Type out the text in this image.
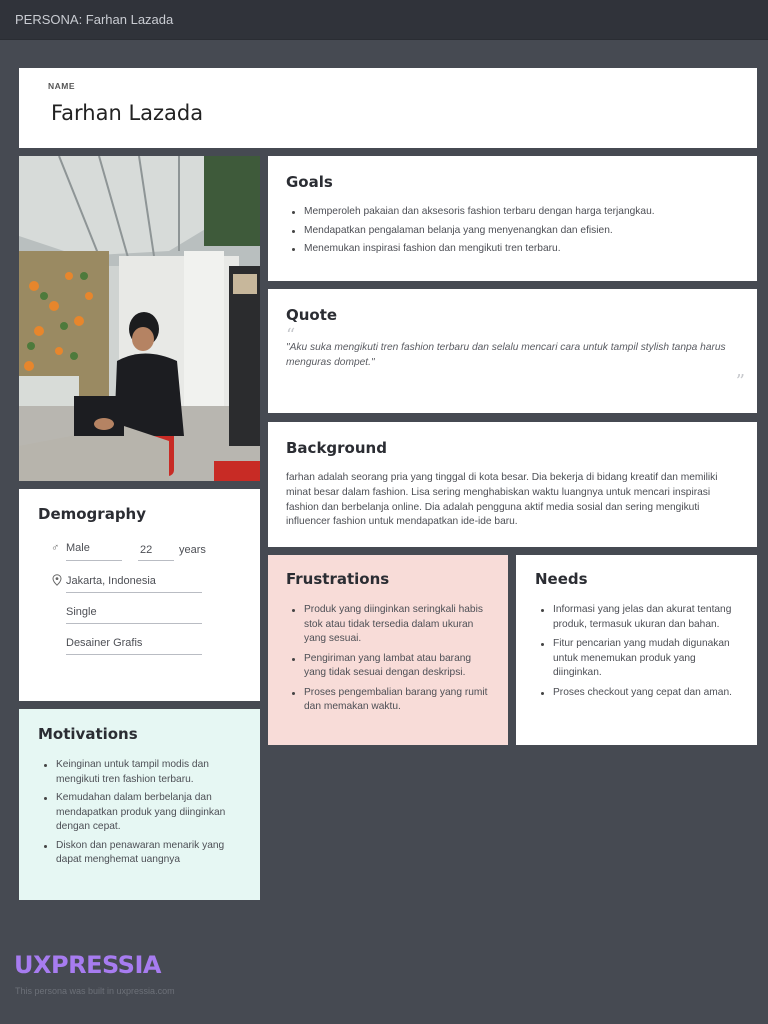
PERSONA: Farhan Lazada
NAME
Farhan Lazada
Goals
Memperoleh pakaian dan aksesoris fashion terbaru dengan harga terjangkau.
Mendapatkan pengalaman belanja yang menyenangkan dan efisien.
Menemukan inspirasi fashion dan mengikuti tren terbaru.
Quote
“

"Aku suka mengikuti tren fashion terbaru dan selalu mencari cara untuk tampil stylish tanpa harus menguras dompet."

”
Background

farhan adalah seorang pria yang tinggal di kota besar. Dia bekerja di bidang kreatif dan memiliki minat besar dalam fashion. Lisa sering menghabiskan waktu luangnya untuk mencari inspirasi fashion dan berbelanja online. Dia adalah pengguna aktif media sosial dan sering mengikuti influencer fashion untuk mendapatkan ide-ide baru.

Demography
♂ Male	22 years
Jakarta, Indonesia
Single
Desainer Grafis
Frustrations
Produk yang diinginkan seringkali habis stok atau tidak tersedia dalam ukuran yang sesuai.
Pengiriman yang lambat atau barang yang tidak sesuai dengan deskripsi.
Proses pengembalian barang yang rumit dan memakan waktu.
Needs
Informasi yang jelas dan akurat tentang produk, termasuk ukuran dan bahan.
Fitur pencarian yang mudah digunakan untuk menemukan produk yang diinginkan.
Proses checkout yang cepat dan aman.
Motivations
Keinginan untuk tampil modis dan mengikuti tren fashion terbaru.
Kemudahan dalam berbelanja dan mendapatkan produk yang diinginkan dengan cepat.
Diskon dan penawaran menarik yang dapat menghemat uangnya
UXPRESSIA
This persona was built in uxpressia.com
